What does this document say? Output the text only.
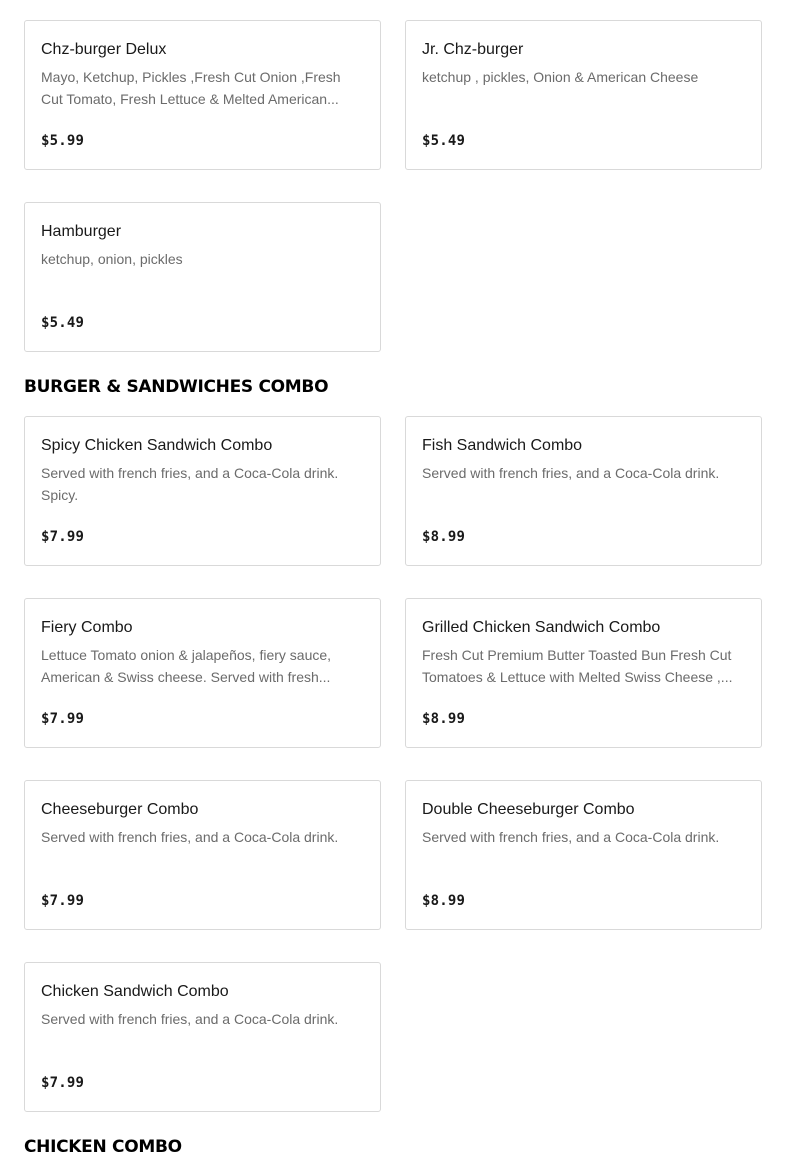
Chz-burger Delux
Mayo, Ketchup, Pickles ,Fresh Cut Onion ,Fresh Cut Tomato, Fresh Lettuce & Melted American...
$5.99
Jr. Chz-burger
ketchup , pickles, Onion & American Cheese
$5.49
Hamburger
ketchup, onion, pickles
$5.49
BURGER & SANDWICHES COMBO
Spicy Chicken Sandwich Combo
Served with french fries, and a Coca-Cola drink. Spicy.
$7.99
Fish Sandwich Combo
Served with french fries, and a Coca-Cola drink.
$8.99
Fiery Combo
Lettuce Tomato onion & jalapeños, fiery sauce, American & Swiss cheese. Served with fresh...
$7.99
Grilled Chicken Sandwich Combo
Fresh Cut Premium Butter Toasted Bun Fresh Cut Tomatoes & Lettuce with Melted Swiss Cheese ,...
$8.99
Cheeseburger Combo
Served with french fries, and a Coca-Cola drink.
$7.99
Double Cheeseburger Combo
Served with french fries, and a Coca-Cola drink.
$8.99
Chicken Sandwich Combo
Served with french fries, and a Coca-Cola drink.
$7.99
CHICKEN COMBO
